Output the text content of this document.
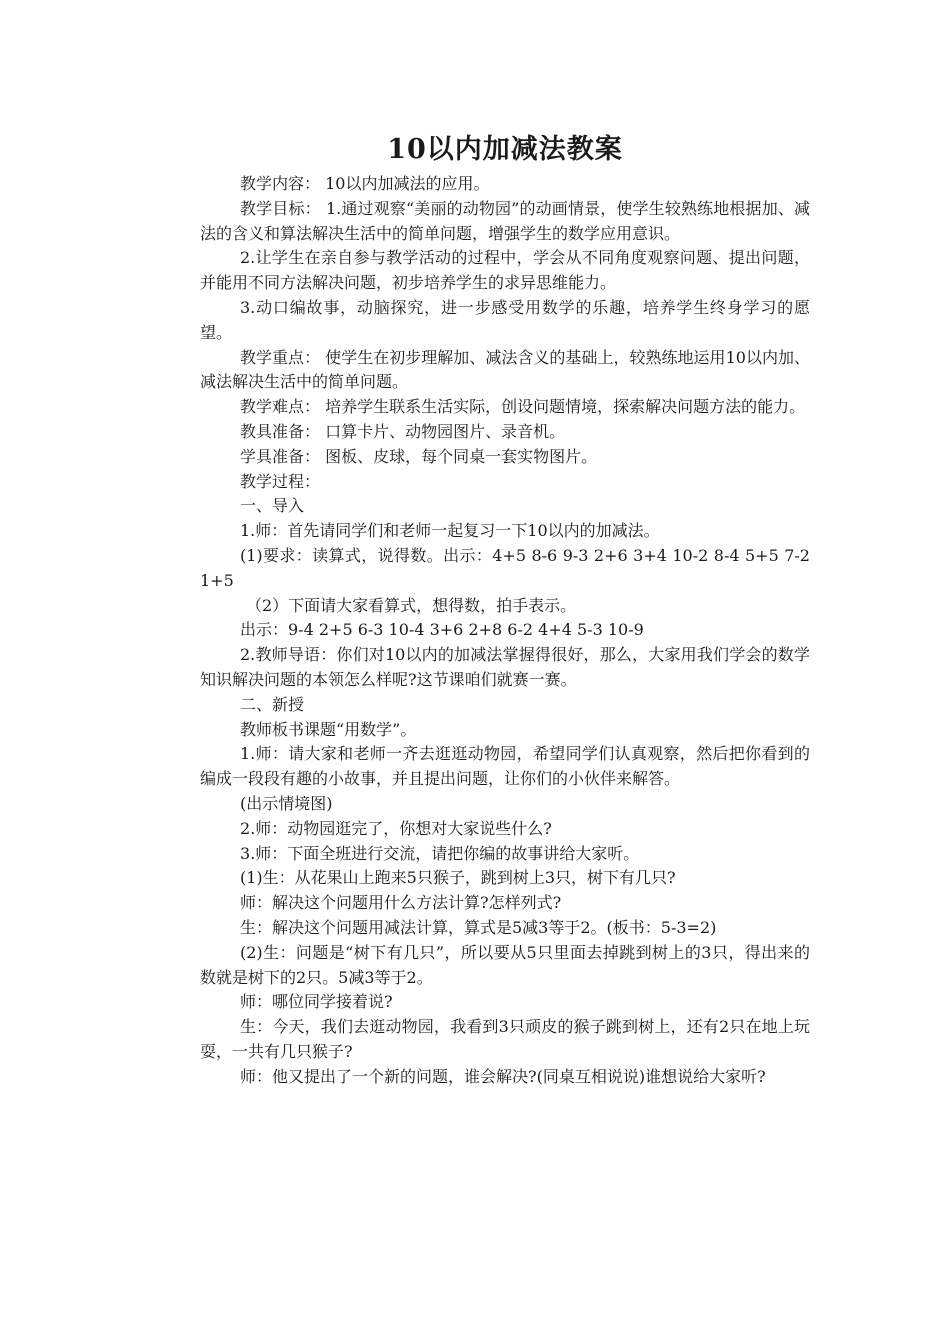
10以内加减法教案

教学内容： 10以内加减法的应用。

教学目标： 1.通过观察“美丽的动物园”的动画情景，使学生较熟练地根据加、减法的含义和算法解决生活中的简单问题，增强学生的数学应用意识。

2.让学生在亲自参与教学活动的过程中，学会从不同角度观察问题、提出问题，并能用不同方法解决问题，初步培养学生的求异思维能力。

3.动口编故事，动脑探究，进一步感受用数学的乐趣，培养学生终身学习的愿望。

教学重点： 使学生在初步理解加、减法含义的基础上，较熟练地运用10以内加、减法解决生活中的简单问题。

教学难点： 培养学生联系生活实际，创设问题情境，探索解决问题方法的能力。

教具准备： 口算卡片、动物园图片、录音机。

学具准备： 图板、皮球，每个同桌一套实物图片。

教学过程：

一、导入

1.师：首先请同学们和老师一起复习一下10以内的加减法。

(1)要求：读算式，说得数。出示：4+5 8-6 9-3 2+6 3+4 10-2 8-4 5+5 7-2 1+5

（2）下面请大家看算式，想得数，拍手表示。

出示：9-4 2+5 6-3 10-4 3+6 2+8 6-2 4+4 5-3 10-9

2.教师导语：你们对10以内的加减法掌握得很好，那么，大家用我们学会的数学知识解决问题的本领怎么样呢?这节课咱们就赛一赛。

二、新授

教师板书课题“用数学”。

1.师：请大家和老师一齐去逛逛动物园，希望同学们认真观察，然后把你看到的编成一段段有趣的小故事，并且提出问题，让你们的小伙伴来解答。

(出示情境图)

2.师：动物园逛完了，你想对大家说些什么?

3.师：下面全班进行交流，请把你编的故事讲给大家听。

(1)生：从花果山上跑来5只猴子，跳到树上3只，树下有几只?

师：解决这个问题用什么方法计算?怎样列式?

生：解决这个问题用减法计算，算式是5减3等于2。(板书：5-3=2)

(2)生：问题是“树下有几只”，所以要从5只里面去掉跳到树上的3只，得出来的数就是树下的2只。5减3等于2。

师：哪位同学接着说?

生：今天，我们去逛动物园，我看到3只顽皮的猴子跳到树上，还有2只在地上玩耍，一共有几只猴子?

师：他又提出了一个新的问题，谁会解决?(同桌互相说说)谁想说给大家听?
